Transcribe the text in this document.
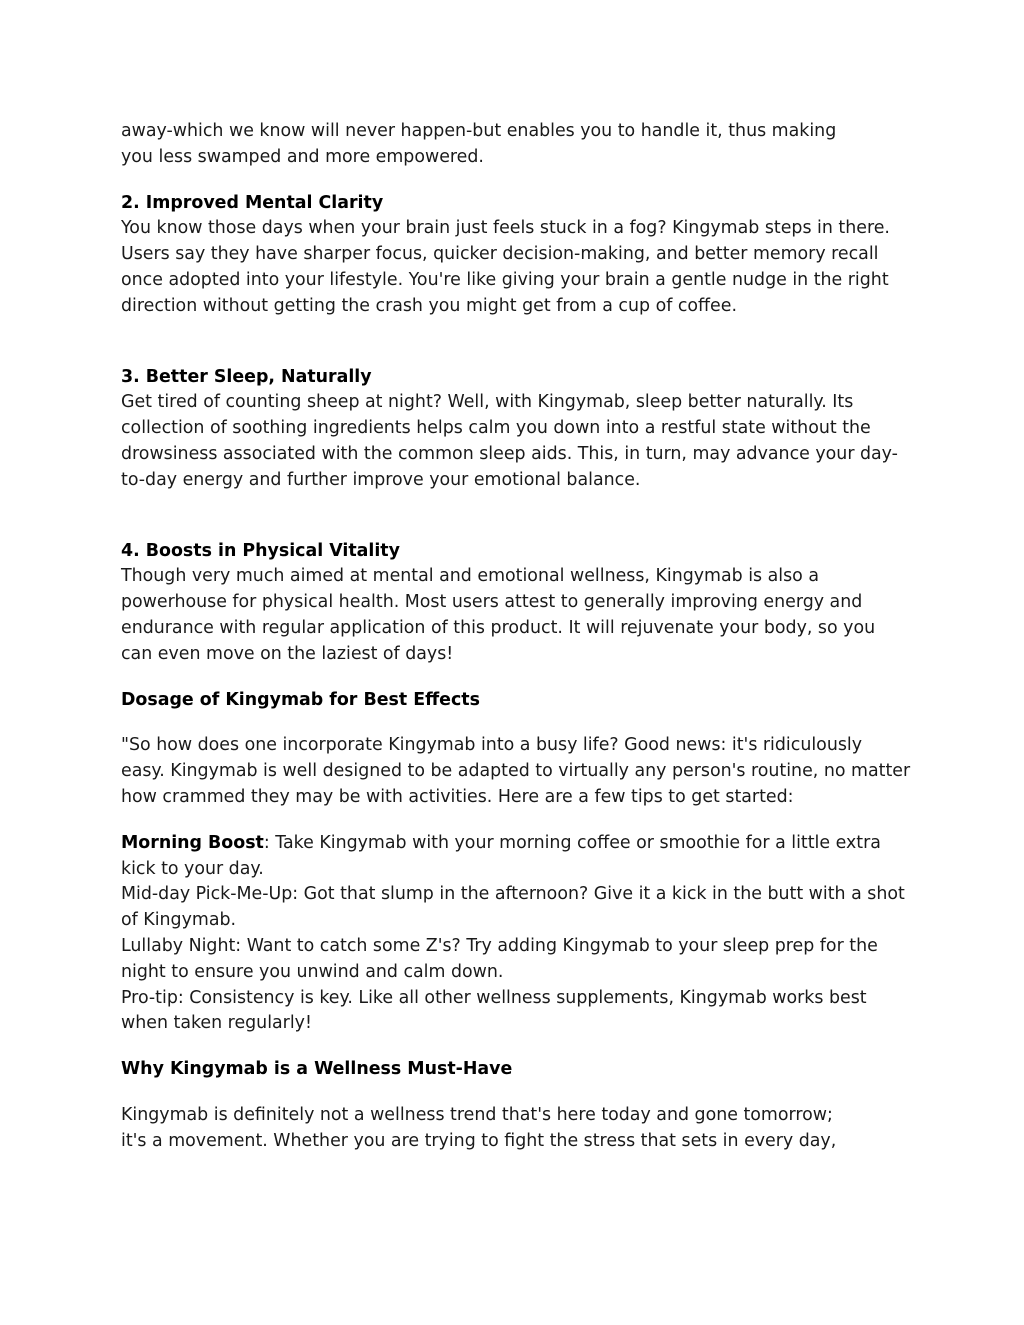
away-which we know will never happen-but enables you to handle it, thus making
you less swamped and more empowered.

2. Improved Mental Clarity

You know those days when your brain just feels stuck in a fog? Kingymab steps in there. Users say they have sharper focus, quicker decision-making, and better memory recall once adopted into your lifestyle. You're like giving your brain a gentle nudge in the right direction without getting the crash you might get from a cup of coffee.

3. Better Sleep, Naturally

Get tired of counting sheep at night? Well, with Kingymab, sleep better naturally. Its collection of soothing ingredients helps calm you down into a restful state without the drowsiness associated with the common sleep aids. This, in turn, may advance your day-to-day energy and further improve your emotional balance.

4. Boosts in Physical Vitality

Though very much aimed at mental and emotional wellness, Kingymab is also a powerhouse for physical health. Most users attest to generally improving energy and endurance with regular application of this product. It will rejuvenate your body, so you can even move on the laziest of days!

Dosage of Kingymab for Best Effects

"So how does one incorporate Kingymab into a busy life? Good news: it's ridiculously easy. Kingymab is well designed to be adapted to virtually any person's routine, no matter how crammed they may be with activities. Here are a few tips to get started:

Morning Boost: Take Kingymab with your morning coffee or smoothie for a little extra kick to your day.

Mid-day Pick-Me-Up: Got that slump in the afternoon? Give it a kick in the butt with a shot of Kingymab.

Lullaby Night: Want to catch some Z's? Try adding Kingymab to your sleep prep for the night to ensure you unwind and calm down.

Pro-tip: Consistency is key. Like all other wellness supplements, Kingymab works best when taken regularly!

Why Kingymab is a Wellness Must-Have

Kingymab is definitely not a wellness trend that's here today and gone tomorrow;
it's a movement. Whether you are trying to fight the stress that sets in every day,
